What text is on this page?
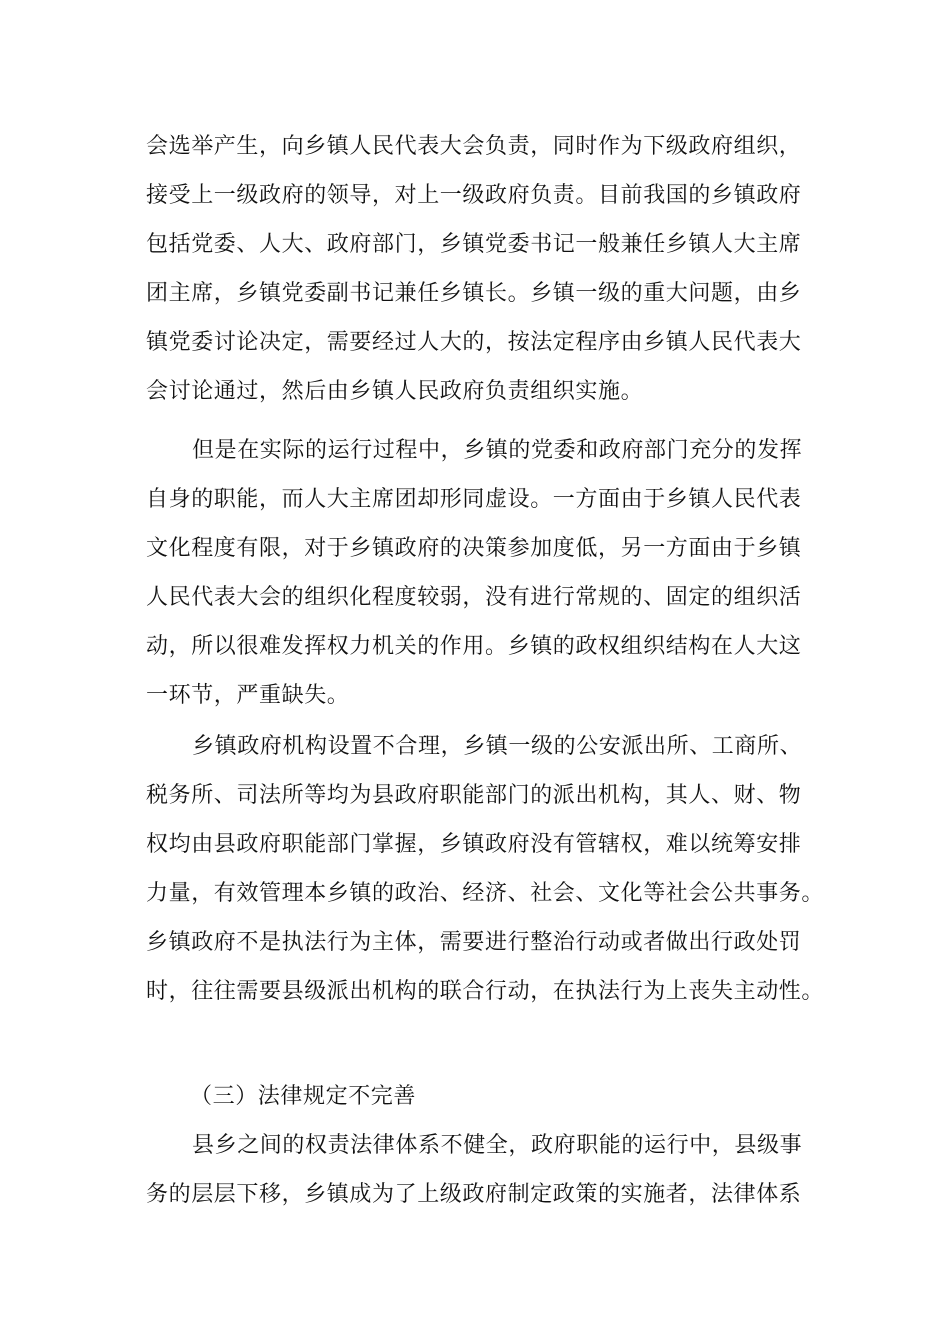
会选举产生，向乡镇人民代表大会负责，同时作为下级政府组织，
接受上一级政府的领导，对上一级政府负责。目前我国的乡镇政府
包括党委、人大、政府部门，乡镇党委书记一般兼任乡镇人大主席
团主席，乡镇党委副书记兼任乡镇长。乡镇一级的重大问题，由乡
镇党委讨论决定，需要经过人大的，按法定程序由乡镇人民代表大
会讨论通过，然后由乡镇人民政府负责组织实施。
但是在实际的运行过程中，乡镇的党委和政府部门充分的发挥
自身的职能，而人大主席团却形同虚设。一方面由于乡镇人民代表
文化程度有限，对于乡镇政府的决策参加度低，另一方面由于乡镇
人民代表大会的组织化程度较弱，没有进行常规的、固定的组织活
动，所以很难发挥权力机关的作用。乡镇的政权组织结构在人大这
一环节，严重缺失。
乡镇政府机构设置不合理，乡镇一级的公安派出所、工商所、
税务所、司法所等均为县政府职能部门的派出机构，其人、财、物
权均由县政府职能部门掌握，乡镇政府没有管辖权，难以统筹安排
力量，有效管理本乡镇的政治、经济、社会、文化等社会公共事务。
乡镇政府不是执法行为主体，需要进行整治行动或者做出行政处罚
时，往往需要县级派出机构的联合行动，在执法行为上丧失主动性。
（三）法律规定不完善
县乡之间的权责法律体系不健全，政府职能的运行中，县级事
务的层层下移，乡镇成为了上级政府制定政策的实施者，法律体系
